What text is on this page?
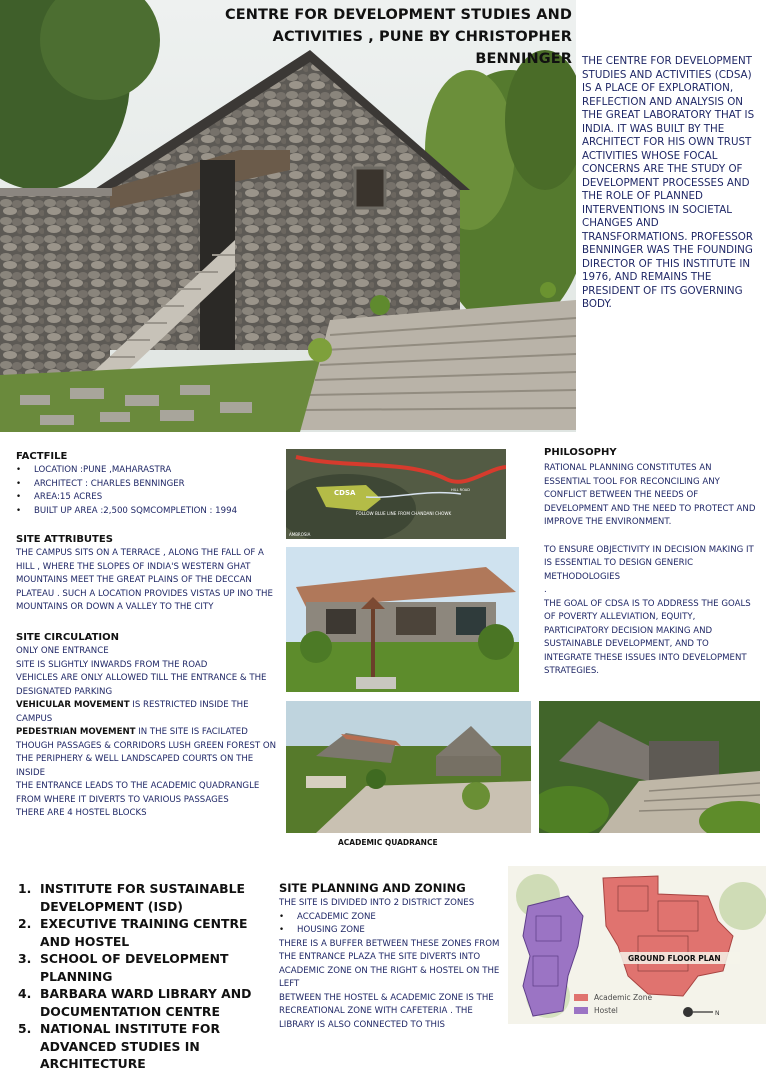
CENTRE FOR DEVELOPMENT STUDIES AND
ACTIVITIES , PUNE BY CHRISTOPHER BENNINGER THE CENTRE FOR DEVELOPMENT STUDIES AND ACTIVITIES (CDSA) IS A PLACE OF EXPLORATION, REFLECTION AND ANALYSIS ON THE GREAT LABORATORY THAT IS INDIA. IT WAS BUILT BY THE ARCHITECT FOR HIS OWN TRUST ACTIVITIES WHOSE FOCAL CONCERNS ARE THE STUDY OF DEVELOPMENT PROCESSES AND THE ROLE OF PLANNED INTERVENTIONS IN SOCIETAL CHANGES AND TRANSFORMATIONS. PROFESSOR BENNINGER WAS THE FOUNDING DIRECTOR OF THIS INSTITUTE IN 1976, AND REMAINS THE PRESIDENT OF ITS GOVERNING BODY.
FACTFILE
• LOCATION :PUNE ,MAHARASTRA
• ARCHITECT : CHARLES BENNINGER
• AREA:15 ACRES
• BUILT UP AREA :2,500 SQMCOMPLETION : 1994
SITE ATTRIBUTES
THE CAMPUS SITS ON A TERRACE , ALONG THE FALL OF A HILL , WHERE THE SLOPES OF INDIA'S WESTERN GHAT MOUNTAINS MEET THE GREAT PLAINS OF THE DECCAN PLATEAU . SUCH A LOCATION PROVIDES VISTAS UP INO THE MOUNTAINS OR DOWN A VALLEY TO THE CITY
SITE CIRCULATION
ONLY ONE ENTRANCE
SITE IS SLIGHTLY INWARDS FROM THE ROAD
VEHICLES ARE ONLY ALLOWED TILL THE ENTRANCE & THE DESIGNATED PARKING
VEHICULAR MOVEMENT IS RESTRICTED INSIDE THE CAMPUS
PEDESTRIAN MOVEMENT IN THE SITE IS FACILATED THOUGH PASSAGES & CORRIDORS LUSH GREEN FOREST ON THE PERIPHERY & WELL LANDSCAPED COURTS ON THE INSIDE
THE ENTRANCE LEADS TO THE ACADEMIC QUADRANGLE FROM WHERE IT DIVERTS TO VARIOUS PASSAGES
THERE ARE 4 HOSTEL BLOCKS
CDSA	HILL ROAD
FOLLOW BLUE LINE FROM CHANDANI CHOWK
AMBROSIA
ACADEMIC QUADRANCE
PHILOSOPHY
RATIONAL PLANNING CONSTITUTES AN ESSENTIAL TOOL FOR RECONCILING ANY CONFLICT BETWEEN THE NEEDS OF DEVELOPMENT AND THE NEED TO PROTECT AND IMPROVE THE ENVIRONMENT.
TO ENSURE OBJECTIVITY IN DECISION MAKING IT IS ESSENTIAL TO DESIGN GENERIC METHODOLOGIES
.
THE GOAL OF CDSA IS TO ADDRESS THE GOALS OF POVERTY ALLEVIATION, EQUITY, PARTICIPATORY DECISION MAKING AND SUSTAINABLE DEVELOPMENT, AND TO INTEGRATE THESE ISSUES INTO DEVELOPMENT STRATEGIES.
1. INSTITUTE FOR SUSTAINABLE DEVELOPMENT (ISD)
2. EXECUTIVE TRAINING CENTRE AND HOSTEL
3. SCHOOL OF DEVELOPMENT PLANNING
4. BARBARA WARD LIBRARY AND DOCUMENTATION CENTRE
5. NATIONAL INSTITUTE FOR ADVANCED STUDIES IN ARCHITECTURE
SITE PLANNING AND ZONING
THE SITE IS DIVIDED INTO 2 DISTRICT ZONES
• ACCADEMIC ZONE
• HOUSING ZONE
THERE IS A BUFFER BETWEEN THESE ZONES FROM THE ENTRANCE PLAZA THE SITE DIVERTS INTO ACADEMIC ZONE ON THE RIGHT & HOSTEL ON THE LEFT
BETWEEN THE HOSTEL & ACADEMIC ZONE IS THE RECREATIONAL ZONE WITH CAFETERIA . THE LIBRARY IS ALSO CONNECTED TO THIS
GROUND FLOOR PLAN
Academic Zone
Hostel	N
